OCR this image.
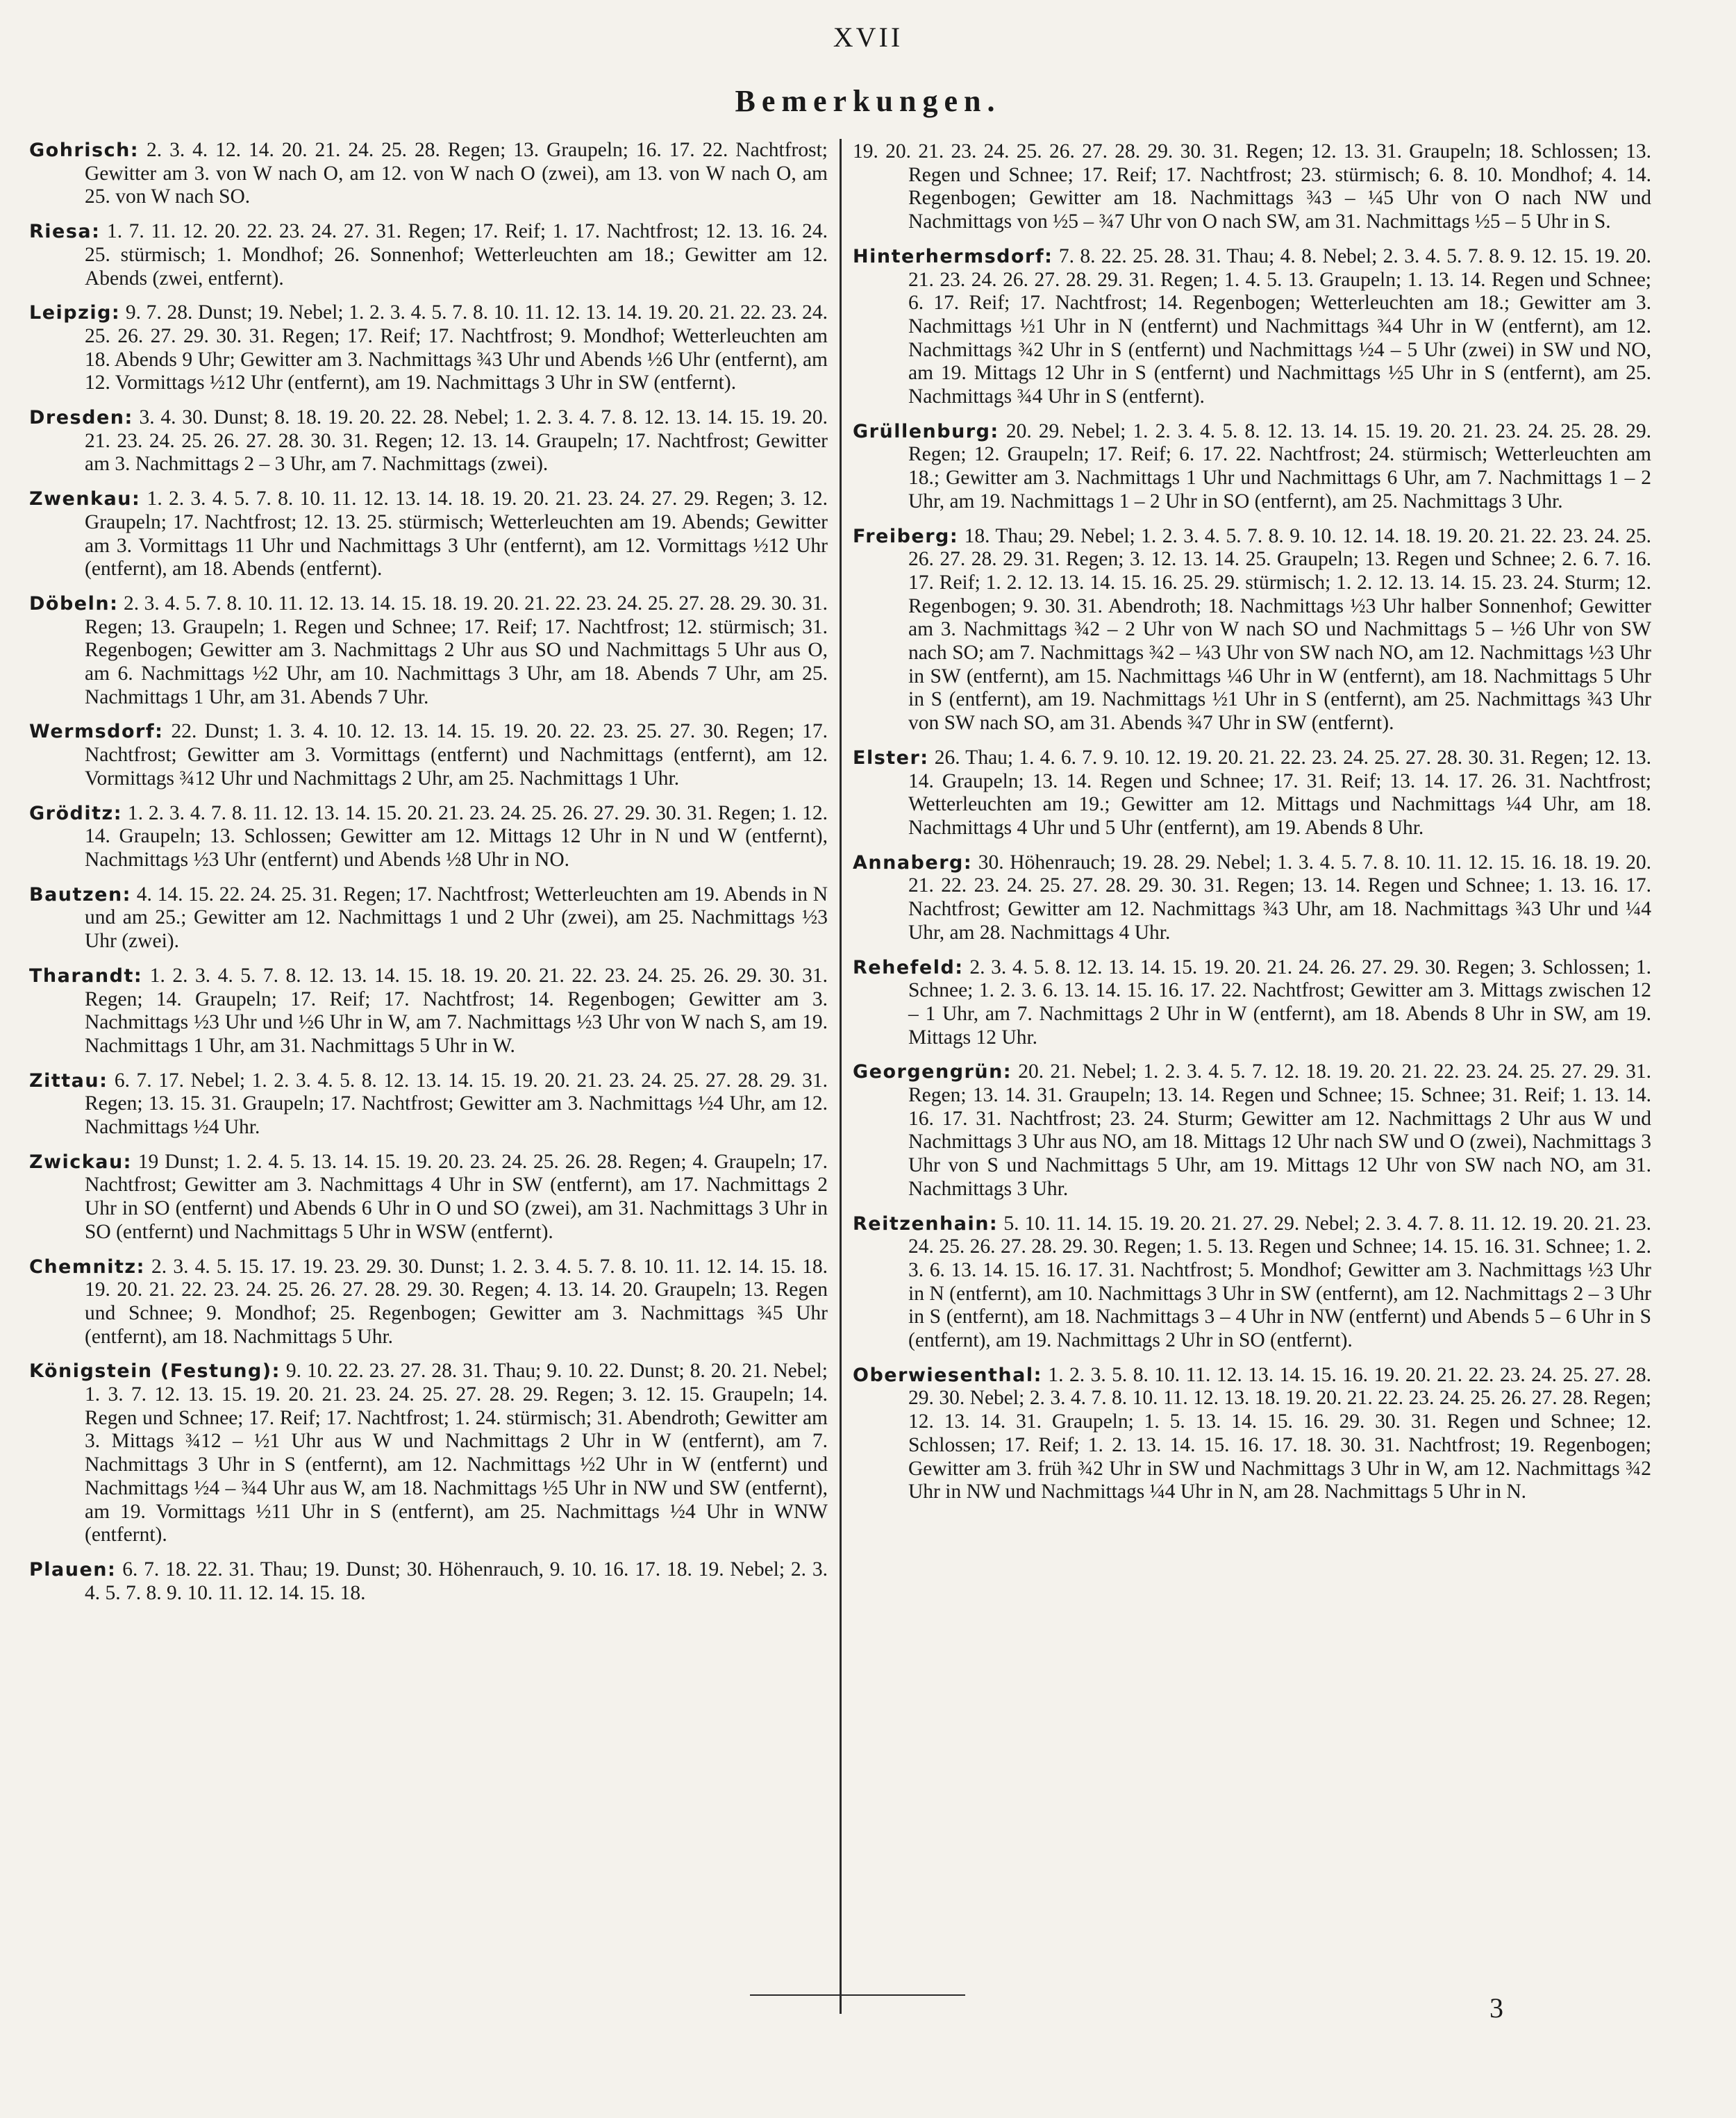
XVII
Bemerkungen.

Gohrisch: 2. 3. 4. 12. 14. 20. 21. 24. 25. 28. Regen; 13. Graupeln; 16. 17. 22. Nachtfrost; Gewitter am 3. von W nach O, am 12. von W nach O (zwei), am 13. von W nach O, am 25. von W nach SO.

Riesa: 1. 7. 11. 12. 20. 22. 23. 24. 27. 31. Regen; 17. Reif; 1. 17. Nachtfrost; 12. 13. 16. 24. 25. stürmisch; 1. Mondhof; 26. Sonnenhof; Wetterleuchten am 18.; Gewitter am 12. Abends (zwei, entfernt).

Leipzig: 9. 7. 28. Dunst; 19. Nebel; 1. 2. 3. 4. 5. 7. 8. 10. 11. 12. 13. 14. 19. 20. 21. 22. 23. 24. 25. 26. 27. 29. 30. 31. Regen; 17. Reif; 17. Nachtfrost; 9. Mondhof; Wetterleuchten am 18. Abends 9 Uhr; Gewitter am 3. Nachmittags ¾3 Uhr und Abends ½6 Uhr (entfernt), am 12. Vormittags ½12 Uhr (entfernt), am 19. Nachmittags 3 Uhr in SW (entfernt).

Dresden: 3. 4. 30. Dunst; 8. 18. 19. 20. 22. 28. Nebel; 1. 2. 3. 4. 7. 8. 12. 13. 14. 15. 19. 20. 21. 23. 24. 25. 26. 27. 28. 30. 31. Regen; 12. 13. 14. Graupeln; 17. Nachtfrost; Gewitter am 3. Nachmittags 2 – 3 Uhr, am 7. Nachmittags (zwei).

Zwenkau: 1. 2. 3. 4. 5. 7. 8. 10. 11. 12. 13. 14. 18. 19. 20. 21. 23. 24. 27. 29. Regen; 3. 12. Graupeln; 17. Nachtfrost; 12. 13. 25. stürmisch; Wetterleuchten am 19. Abends; Gewitter am 3. Vormittags 11 Uhr und Nachmittags 3 Uhr (entfernt), am 12. Vormittags ½12 Uhr (entfernt), am 18. Abends (entfernt).

Döbeln: 2. 3. 4. 5. 7. 8. 10. 11. 12. 13. 14. 15. 18. 19. 20. 21. 22. 23. 24. 25. 27. 28. 29. 30. 31. Regen; 13. Graupeln; 1. Regen und Schnee; 17. Reif; 17. Nachtfrost; 12. stürmisch; 31. Regenbogen; Gewitter am 3. Nachmittags 2 Uhr aus SO und Nachmittags 5 Uhr aus O, am 6. Nachmittags ½2 Uhr, am 10. Nachmittags 3 Uhr, am 18. Abends 7 Uhr, am 25. Nachmittags 1 Uhr, am 31. Abends 7 Uhr.

Wermsdorf: 22. Dunst; 1. 3. 4. 10. 12. 13. 14. 15. 19. 20. 22. 23. 25. 27. 30. Regen; 17. Nachtfrost; Gewitter am 3. Vormittags (entfernt) und Nachmittags (entfernt), am 12. Vormittags ¾12 Uhr und Nachmittags 2 Uhr, am 25. Nachmittags 1 Uhr.

Gröditz: 1. 2. 3. 4. 7. 8. 11. 12. 13. 14. 15. 20. 21. 23. 24. 25. 26. 27. 29. 30. 31. Regen; 1. 12. 14. Graupeln; 13. Schlossen; Gewitter am 12. Mittags 12 Uhr in N und W (entfernt), Nachmittags ½3 Uhr (entfernt) und Abends ½8 Uhr in NO.

Bautzen: 4. 14. 15. 22. 24. 25. 31. Regen; 17. Nachtfrost; Wetterleuchten am 19. Abends in N und am 25.; Gewitter am 12. Nachmittags 1 und 2 Uhr (zwei), am 25. Nachmittags ½3 Uhr (zwei).

Tharandt: 1. 2. 3. 4. 5. 7. 8. 12. 13. 14. 15. 18. 19. 20. 21. 22. 23. 24. 25. 26. 29. 30. 31. Regen; 14. Graupeln; 17. Reif; 17. Nachtfrost; 14. Regenbogen; Gewitter am 3. Nachmittags ½3 Uhr und ½6 Uhr in W, am 7. Nachmittags ½3 Uhr von W nach S, am 19. Nachmittags 1 Uhr, am 31. Nachmittags 5 Uhr in W.

Zittau: 6. 7. 17. Nebel; 1. 2. 3. 4. 5. 8. 12. 13. 14. 15. 19. 20. 21. 23. 24. 25. 27. 28. 29. 31. Regen; 13. 15. 31. Graupeln; 17. Nachtfrost; Gewitter am 3. Nachmittags ½4 Uhr, am 12. Nachmittags ½4 Uhr.

Zwickau: 19 Dunst; 1. 2. 4. 5. 13. 14. 15. 19. 20. 23. 24. 25. 26. 28. Regen; 4. Graupeln; 17. Nachtfrost; Gewitter am 3. Nachmittags 4 Uhr in SW (entfernt), am 17. Nachmittags 2 Uhr in SO (entfernt) und Abends 6 Uhr in O und SO (zwei), am 31. Nachmittags 3 Uhr in SO (entfernt) und Nachmittags 5 Uhr in WSW (entfernt).

Chemnitz: 2. 3. 4. 5. 15. 17. 19. 23. 29. 30. Dunst; 1. 2. 3. 4. 5. 7. 8. 10. 11. 12. 14. 15. 18. 19. 20. 21. 22. 23. 24. 25. 26. 27. 28. 29. 30. Regen; 4. 13. 14. 20. Graupeln; 13. Regen und Schnee; 9. Mondhof; 25. Regenbogen; Gewitter am 3. Nachmittags ¾5 Uhr (entfernt), am 18. Nachmittags 5 Uhr.

Königstein (Festung): 9. 10. 22. 23. 27. 28. 31. Thau; 9. 10. 22. Dunst; 8. 20. 21. Nebel; 1. 3. 7. 12. 13. 15. 19. 20. 21. 23. 24. 25. 27. 28. 29. Regen; 3. 12. 15. Graupeln; 14. Regen und Schnee; 17. Reif; 17. Nachtfrost; 1. 24. stürmisch; 31. Abendroth; Gewitter am 3. Mittags ¾12 – ½1 Uhr aus W und Nachmittags 2 Uhr in W (entfernt), am 7. Nachmittags 3 Uhr in S (entfernt), am 12. Nachmittags ½2 Uhr in W (entfernt) und Nachmittags ½4 – ¾4 Uhr aus W, am 18. Nachmittags ½5 Uhr in NW und SW (entfernt), am 19. Vormittags ½11 Uhr in S (entfernt), am 25. Nachmittags ½4 Uhr in WNW (entfernt).

Plauen: 6. 7. 18. 22. 31. Thau; 19. Dunst; 30. Höhenrauch, 9. 10. 16. 17. 18. 19. Nebel; 2. 3. 4. 5. 7. 8. 9. 10. 11. 12. 14. 15. 18.

19. 20. 21. 23. 24. 25. 26. 27. 28. 29. 30. 31. Regen; 12. 13. 31. Graupeln; 18. Schlossen; 13. Regen und Schnee; 17. Reif; 17. Nachtfrost; 23. stürmisch; 6. 8. 10. Mondhof; 4. 14. Regenbogen; Gewitter am 18. Nachmittags ¾3 – ¼5 Uhr von O nach NW und Nachmittags von ½5 – ¾7 Uhr von O nach SW, am 31. Nachmittags ½5 – 5 Uhr in S.

Hinterhermsdorf: 7. 8. 22. 25. 28. 31. Thau; 4. 8. Nebel; 2. 3. 4. 5. 7. 8. 9. 12. 15. 19. 20. 21. 23. 24. 26. 27. 28. 29. 31. Regen; 1. 4. 5. 13. Graupeln; 1. 13. 14. Regen und Schnee; 6. 17. Reif; 17. Nachtfrost; 14. Regenbogen; Wetterleuchten am 18.; Gewitter am 3. Nachmittags ½1 Uhr in N (entfernt) und Nachmittags ¾4 Uhr in W (entfernt), am 12. Nachmittags ¾2 Uhr in S (entfernt) und Nachmittags ½4 – 5 Uhr (zwei) in SW und NO, am 19. Mittags 12 Uhr in S (entfernt) und Nachmittags ½5 Uhr in S (entfernt), am 25. Nachmittags ¾4 Uhr in S (entfernt).

Grüllenburg: 20. 29. Nebel; 1. 2. 3. 4. 5. 8. 12. 13. 14. 15. 19. 20. 21. 23. 24. 25. 28. 29. Regen; 12. Graupeln; 17. Reif; 6. 17. 22. Nachtfrost; 24. stürmisch; Wetterleuchten am 18.; Gewitter am 3. Nachmittags 1 Uhr und Nachmittags 6 Uhr, am 7. Nachmittags 1 – 2 Uhr, am 19. Nachmittags 1 – 2 Uhr in SO (entfernt), am 25. Nachmittags 3 Uhr.

Freiberg: 18. Thau; 29. Nebel; 1. 2. 3. 4. 5. 7. 8. 9. 10. 12. 14. 18. 19. 20. 21. 22. 23. 24. 25. 26. 27. 28. 29. 31. Regen; 3. 12. 13. 14. 25. Graupeln; 13. Regen und Schnee; 2. 6. 7. 16. 17. Reif; 1. 2. 12. 13. 14. 15. 16. 25. 29. stürmisch; 1. 2. 12. 13. 14. 15. 23. 24. Sturm; 12. Regenbogen; 9. 30. 31. Abendroth; 18. Nachmittags ½3 Uhr halber Sonnenhof; Gewitter am 3. Nachmittags ¾2 – 2 Uhr von W nach SO und Nachmittags 5 – ½6 Uhr von SW nach SO; am 7. Nachmittags ¾2 – ¼3 Uhr von SW nach NO, am 12. Nachmittags ½3 Uhr in SW (entfernt), am 15. Nachmittags ¼6 Uhr in W (entfernt), am 18. Nachmittags 5 Uhr in S (entfernt), am 19. Nachmittags ½1 Uhr in S (entfernt), am 25. Nachmittags ¾3 Uhr von SW nach SO, am 31. Abends ¾7 Uhr in SW (entfernt).

Elster: 26. Thau; 1. 4. 6. 7. 9. 10. 12. 19. 20. 21. 22. 23. 24. 25. 27. 28. 30. 31. Regen; 12. 13. 14. Graupeln; 13. 14. Regen und Schnee; 17. 31. Reif; 13. 14. 17. 26. 31. Nachtfrost; Wetterleuchten am 19.; Gewitter am 12. Mittags und Nachmittags ¼4 Uhr, am 18. Nachmittags 4 Uhr und 5 Uhr (entfernt), am 19. Abends 8 Uhr.

Annaberg: 30. Höhenrauch; 19. 28. 29. Nebel; 1. 3. 4. 5. 7. 8. 10. 11. 12. 15. 16. 18. 19. 20. 21. 22. 23. 24. 25. 27. 28. 29. 30. 31. Regen; 13. 14. Regen und Schnee; 1. 13. 16. 17. Nachtfrost; Gewitter am 12. Nachmittags ¾3 Uhr, am 18. Nachmittags ¾3 Uhr und ¼4 Uhr, am 28. Nachmittags 4 Uhr.

Rehefeld: 2. 3. 4. 5. 8. 12. 13. 14. 15. 19. 20. 21. 24. 26. 27. 29. 30. Regen; 3. Schlossen; 1. Schnee; 1. 2. 3. 6. 13. 14. 15. 16. 17. 22. Nachtfrost; Gewitter am 3. Mittags zwischen 12 – 1 Uhr, am 7. Nachmittags 2 Uhr in W (entfernt), am 18. Abends 8 Uhr in SW, am 19. Mittags 12 Uhr.

Georgengrün: 20. 21. Nebel; 1. 2. 3. 4. 5. 7. 12. 18. 19. 20. 21. 22. 23. 24. 25. 27. 29. 31. Regen; 13. 14. 31. Graupeln; 13. 14. Regen und Schnee; 15. Schnee; 31. Reif; 1. 13. 14. 16. 17. 31. Nachtfrost; 23. 24. Sturm; Gewitter am 12. Nachmittags 2 Uhr aus W und Nachmittags 3 Uhr aus NO, am 18. Mittags 12 Uhr nach SW und O (zwei), Nachmittags 3 Uhr von S und Nachmittags 5 Uhr, am 19. Mittags 12 Uhr von SW nach NO, am 31. Nachmittags 3 Uhr.

Reitzenhain: 5. 10. 11. 14. 15. 19. 20. 21. 27. 29. Nebel; 2. 3. 4. 7. 8. 11. 12. 19. 20. 21. 23. 24. 25. 26. 27. 28. 29. 30. Regen; 1. 5. 13. Regen und Schnee; 14. 15. 16. 31. Schnee; 1. 2. 3. 6. 13. 14. 15. 16. 17. 31. Nachtfrost; 5. Mondhof; Gewitter am 3. Nachmittags ½3 Uhr in N (entfernt), am 10. Nachmittags 3 Uhr in SW (entfernt), am 12. Nachmittags 2 – 3 Uhr in S (entfernt), am 18. Nachmittags 3 – 4 Uhr in NW (entfernt) und Abends 5 – 6 Uhr in S (entfernt), am 19. Nachmittags 2 Uhr in SO (entfernt).

Oberwiesenthal: 1. 2. 3. 5. 8. 10. 11. 12. 13. 14. 15. 16. 19. 20. 21. 22. 23. 24. 25. 27. 28. 29. 30. Nebel; 2. 3. 4. 7. 8. 10. 11. 12. 13. 18. 19. 20. 21. 22. 23. 24. 25. 26. 27. 28. Regen; 12. 13. 14. 31. Graupeln; 1. 5. 13. 14. 15. 16. 29. 30. 31. Regen und Schnee; 12. Schlossen; 17. Reif; 1. 2. 13. 14. 15. 16. 17. 18. 30. 31. Nachtfrost; 19. Regenbogen; Gewitter am 3. früh ¾2 Uhr in SW und Nachmittags 3 Uhr in W, am 12. Nachmittags ¾2 Uhr in NW und Nachmittags ¼4 Uhr in N, am 28. Nachmittags 5 Uhr in N.

3
